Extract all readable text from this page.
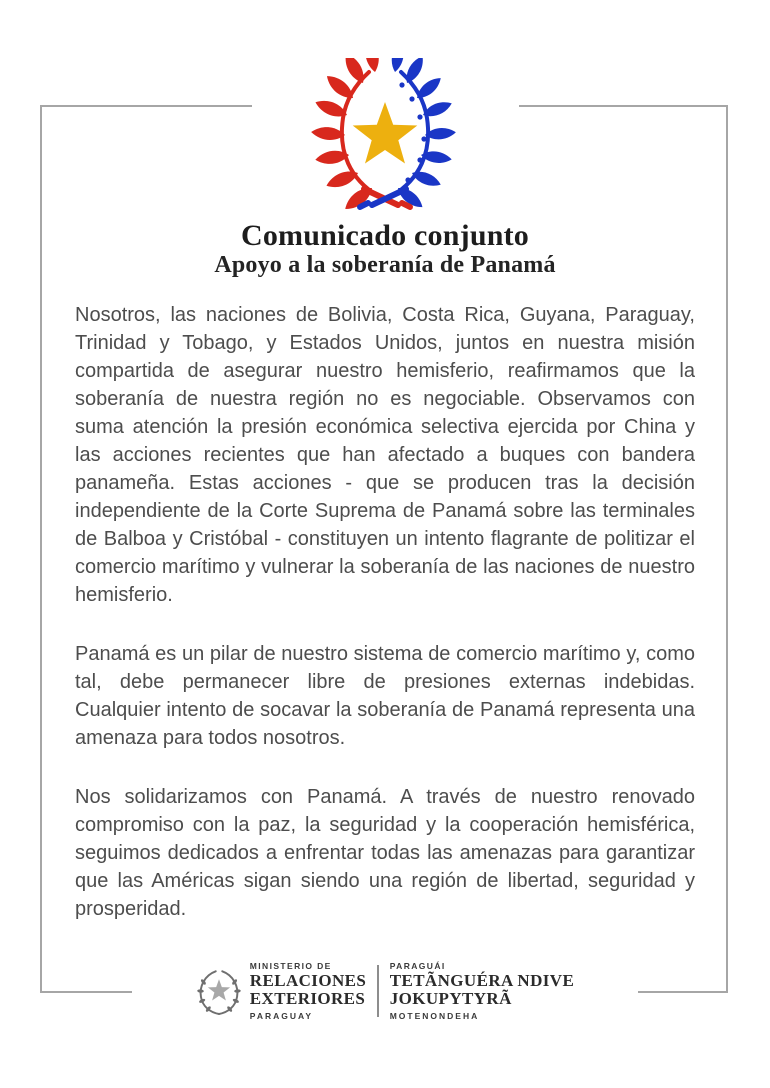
Comunicado conjunto
Apoyo a la soberanía de Panamá

Nosotros, las naciones de Bolivia, Costa Rica, Guyana, Paraguay, Trinidad y Tobago, y Estados Unidos, juntos en nuestra misión compartida de asegurar nuestro hemisferio, reafirmamos que la soberanía de nuestra región no es negociable. Observamos con suma atención la presión económica selectiva ejercida por China y las acciones recientes que han afectado a buques con bandera panameña. Estas acciones - que se producen tras la decisión independiente de la Corte Suprema de Panamá sobre las terminales de Balboa y Cristóbal - constituyen un intento flagrante de politizar el comercio marítimo y vulnerar la soberanía de las naciones de nuestro hemisferio.

Panamá es un pilar de nuestro sistema de comercio marítimo y, como tal, debe permanecer libre de presiones externas indebidas. Cualquier intento de socavar la soberanía de Panamá representa una amenaza para todos nosotros.

Nos solidarizamos con Panamá. A través de nuestro renovado compromiso con la paz, la seguridad y la cooperación hemisférica, seguimos dedicados a enfrentar todas las amenazas para garantizar que las Américas sigan siendo una región de libertad, seguridad y prosperidad.

MINISTERIO DE
RELACIONES
EXTERIORES
PARAGUAY
PARAGUÁI
TETÃNGUÉRA NDIVE
JOKUPYTYRÃ
MOTENONDEHA
